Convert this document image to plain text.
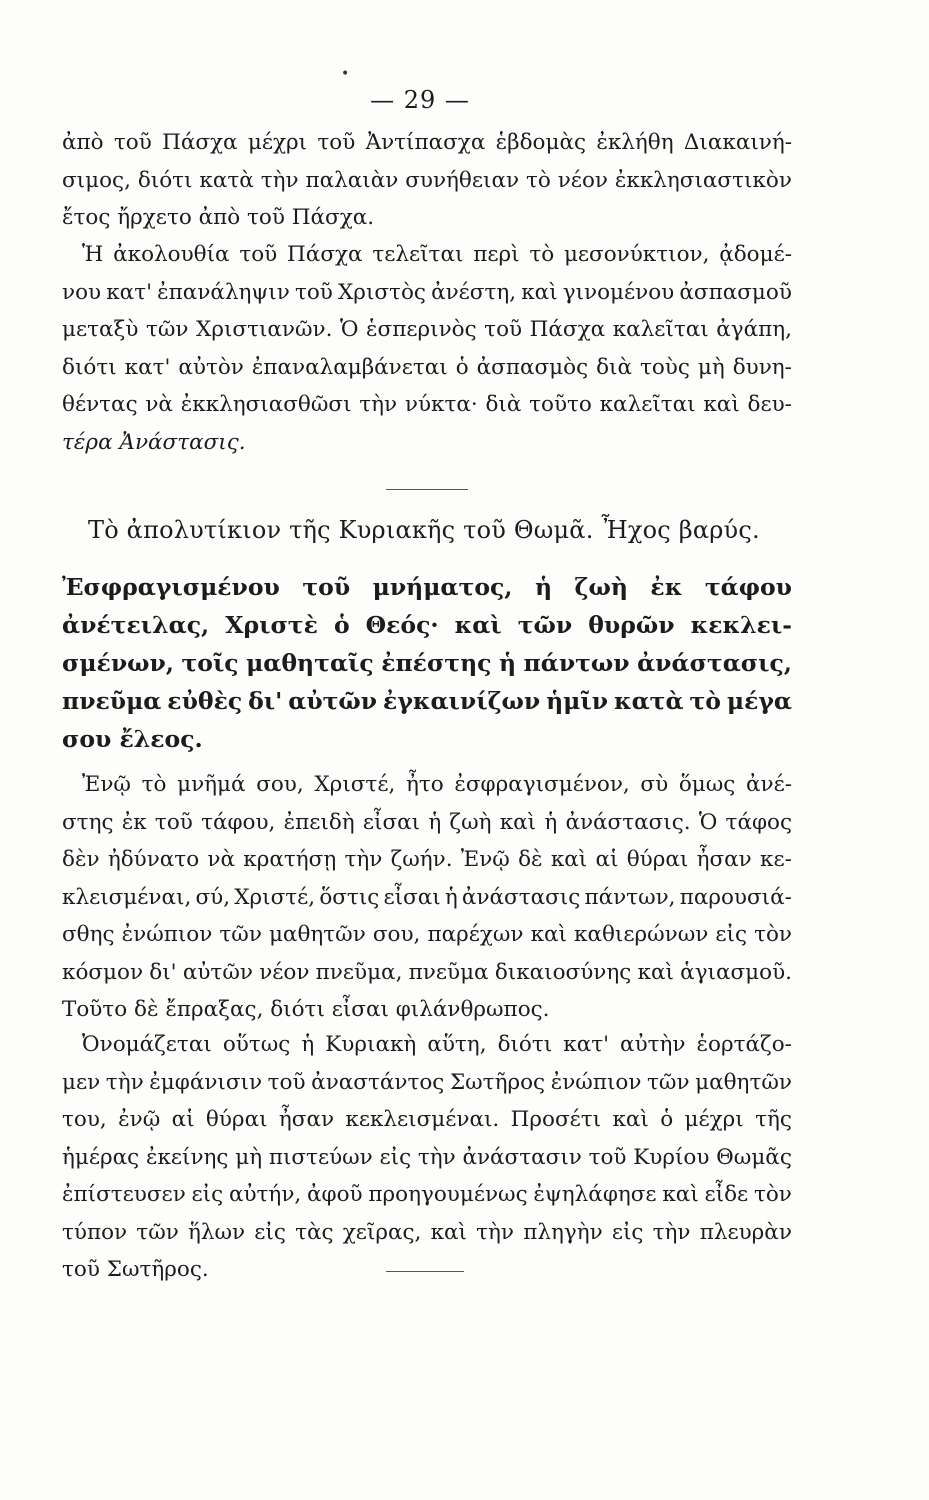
•
— 29 —
ἀπὸ τοῦ Πάσχα μέχρι τοῦ Ἀντίπασχα ἑβδομὰς ἐκλήθη Διακαινή-
σιμος, διότι κατὰ τὴν παλαιὰν συνήθειαν τὸ νέον ἐκκλησιαστικὸν
ἔτος ἤρχετο ἀπὸ τοῦ Πάσχα.
Ἡ ἀκολουθία τοῦ Πάσχα τελεῖται περὶ τὸ μεσονύκτιον, ᾀδομέ-
νου κατ' ἐπανάληψιν τοῦ Χριστὸς ἀνέστη, καὶ γινομένου ἀσπασμοῦ
μεταξὺ τῶν Χριστιανῶν. Ὁ ἑσπερινὸς τοῦ Πάσχα καλεῖται ἀγάπη,
διότι κατ' αὐτὸν ἐπαναλαμβάνεται ὁ ἀσπασμὸς διὰ τοὺς μὴ δυνη-
θέντας νὰ ἐκκλησιασθῶσι τὴν νύκτα· διὰ τοῦτο καλεῖται καὶ δευ-
τέρα Ἀνάστασις.
Τὸ ἀπολυτίκιον τῆς Κυριακῆς τοῦ Θωμᾶ. Ἦχος βαρύς.
Ἐσφραγισμένου τοῦ μνήματος, ἡ ζωὴ ἐκ τάφου
ἀνέτειλας, Χριστὲ ὁ Θεός· καὶ τῶν θυρῶν κεκλει-
σμένων, τοῖς μαθηταῖς ἐπέστης ἡ πάντων ἀνάστασις,
πνεῦμα εὐθὲς δι' αὐτῶν ἐγκαινίζων ἡμῖν κατὰ τὸ μέγα
σου ἔλεος.
Ἐνῷ τὸ μνῆμά σου, Χριστέ, ἦτο ἐσφραγισμένον, σὺ ὅμως ἀνέ-
στης ἐκ τοῦ τάφου, ἐπειδὴ εἶσαι ἡ ζωὴ καὶ ἡ ἀνάστασις. Ὁ τάφος
δὲν ἠδύνατο νὰ κρατήσῃ τὴν ζωήν. Ἐνῷ δὲ καὶ αἱ θύραι ἦσαν κε-
κλεισμέναι, σύ, Χριστέ, ὅστις εἶσαι ἡ ἀνάστασις πάντων, παρουσιά-
σθης ἐνώπιον τῶν μαθητῶν σου, παρέχων καὶ καθιερώνων εἰς τὸν
κόσμον δι' αὐτῶν νέον πνεῦμα, πνεῦμα δικαιοσύνης καὶ ἁγιασμοῦ.
Τοῦτο δὲ ἔπραξας, διότι εἶσαι φιλάνθρωπος.
Ὀνομάζεται οὕτως ἡ Κυριακὴ αὕτη, διότι κατ' αὐτὴν ἑορτάζο-
μεν τὴν ἐμφάνισιν τοῦ ἀναστάντος Σωτῆρος ἐνώπιον τῶν μαθητῶν
του, ἐνῷ αἱ θύραι ἦσαν κεκλεισμέναι. Προσέτι καὶ ὁ μέχρι τῆς
ἡμέρας ἐκείνης μὴ πιστεύων εἰς τὴν ἀνάστασιν τοῦ Κυρίου Θωμᾶς
ἐπίστευσεν εἰς αὐτήν, ἀφοῦ προηγουμένως ἐψηλάφησε καὶ εἶδε τὸν
τύπον τῶν ἥλων εἰς τὰς χεῖρας, καὶ τὴν πληγὴν εἰς τὴν πλευρὰν
τοῦ Σωτῆρος.
